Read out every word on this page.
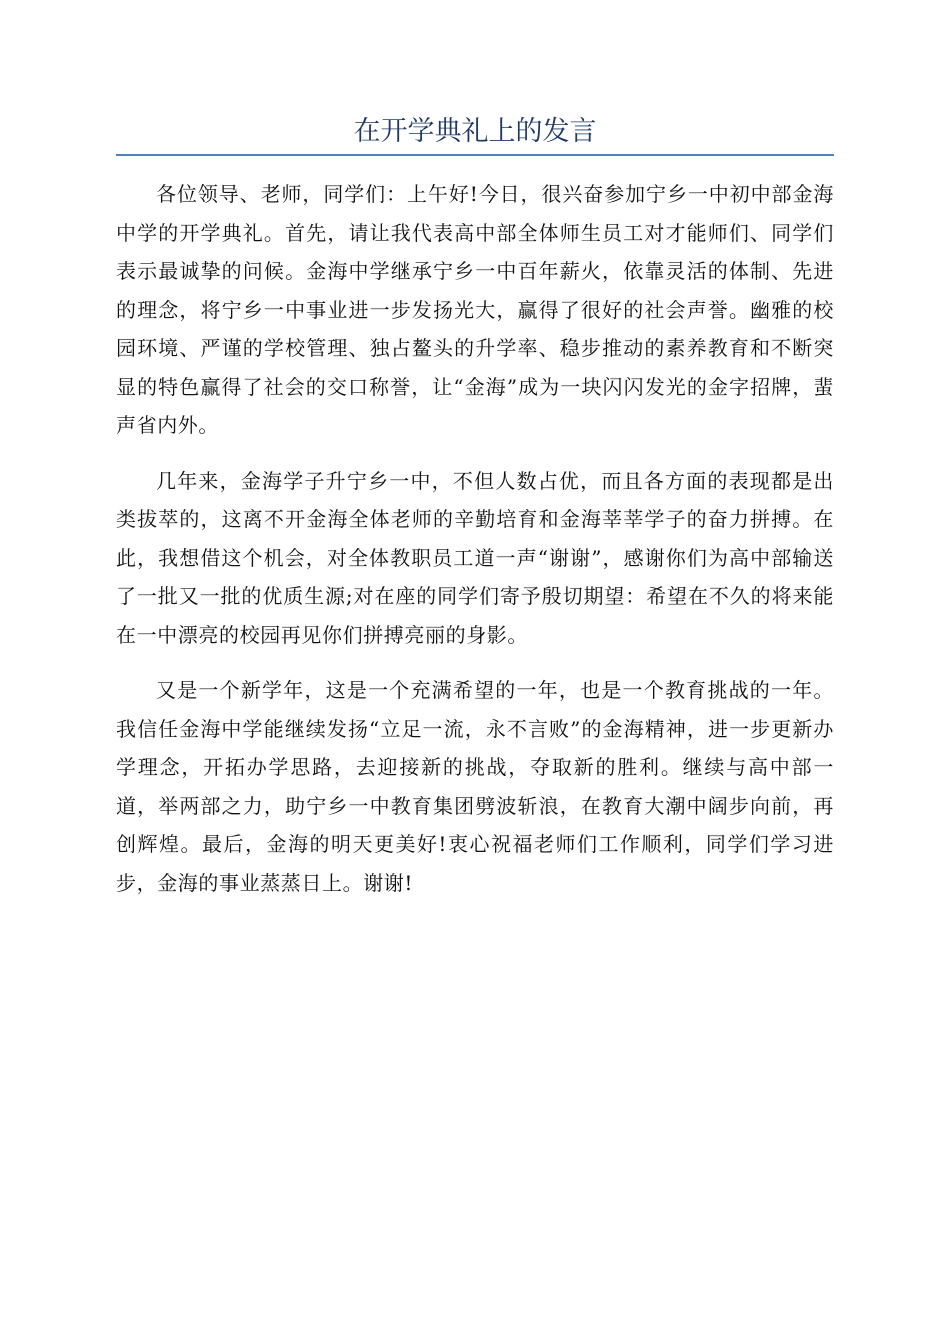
在开学典礼上的发言

各位领导、老师，同学们：上午好!今日，很兴奋参加宁乡一中初中部金海中学的开学典礼。首先，请让我代表高中部全体师生员工对才能师们、同学们表示最诚挚的问候。金海中学继承宁乡一中百年薪火，依靠灵活的体制、先进的理念，将宁乡一中事业进一步发扬光大，赢得了很好的社会声誉。幽雅的校园环境、严谨的学校管理、独占鳌头的升学率、稳步推动的素养教育和不断突显的特色赢得了社会的交口称誉，让“金海”成为一块闪闪发光的金字招牌，蜚声省内外。

几年来，金海学子升宁乡一中，不但人数占优，而且各方面的表现都是出类拔萃的，这离不开金海全体老师的辛勤培育和金海莘莘学子的奋力拼搏。在此，我想借这个机会，对全体教职员工道一声“谢谢”，感谢你们为高中部输送了一批又一批的优质生源;对在座的同学们寄予殷切期望：希望在不久的将来能在一中漂亮的校园再见你们拼搏亮丽的身影。

又是一个新学年，这是一个充满希望的一年，也是一个教育挑战的一年。我信任金海中学能继续发扬“立足一流，永不言败”的金海精神，进一步更新办学理念，开拓办学思路，去迎接新的挑战，夺取新的胜利。继续与高中部一道，举两部之力，助宁乡一中教育集团劈波斩浪，在教育大潮中阔步向前，再创辉煌。最后，金海的明天更美好!衷心祝福老师们工作顺利，同学们学习进步，金海的事业蒸蒸日上。谢谢!
